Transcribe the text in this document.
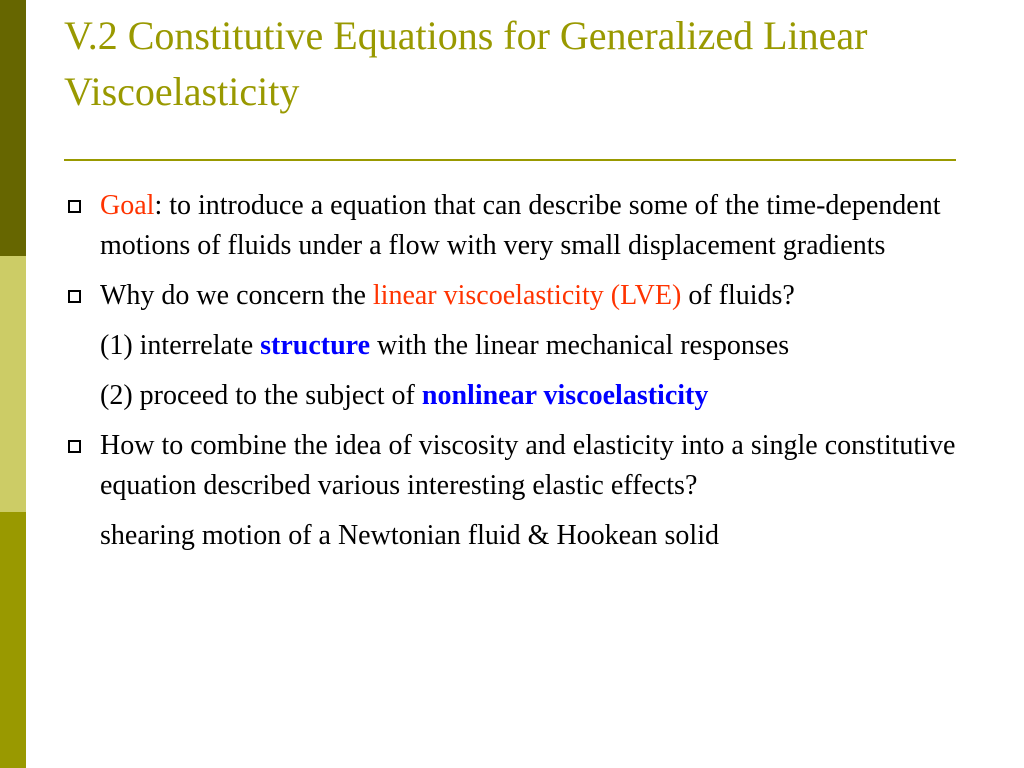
V.2 Constitutive Equations for Generalized Linear Viscoelasticity
Goal: to introduce a equation that can describe some of the time-dependent motions of fluids under a flow with very small displacement gradients
Why do we concern the linear viscoelasticity (LVE) of fluids?
(1) interrelate structure with the linear mechanical responses
(2) proceed to the subject of nonlinear viscoelasticity
How to combine the idea of viscosity and elasticity into a single constitutive equation described various interesting elastic effects?
shearing motion of a Newtonian fluid & Hookean solid
